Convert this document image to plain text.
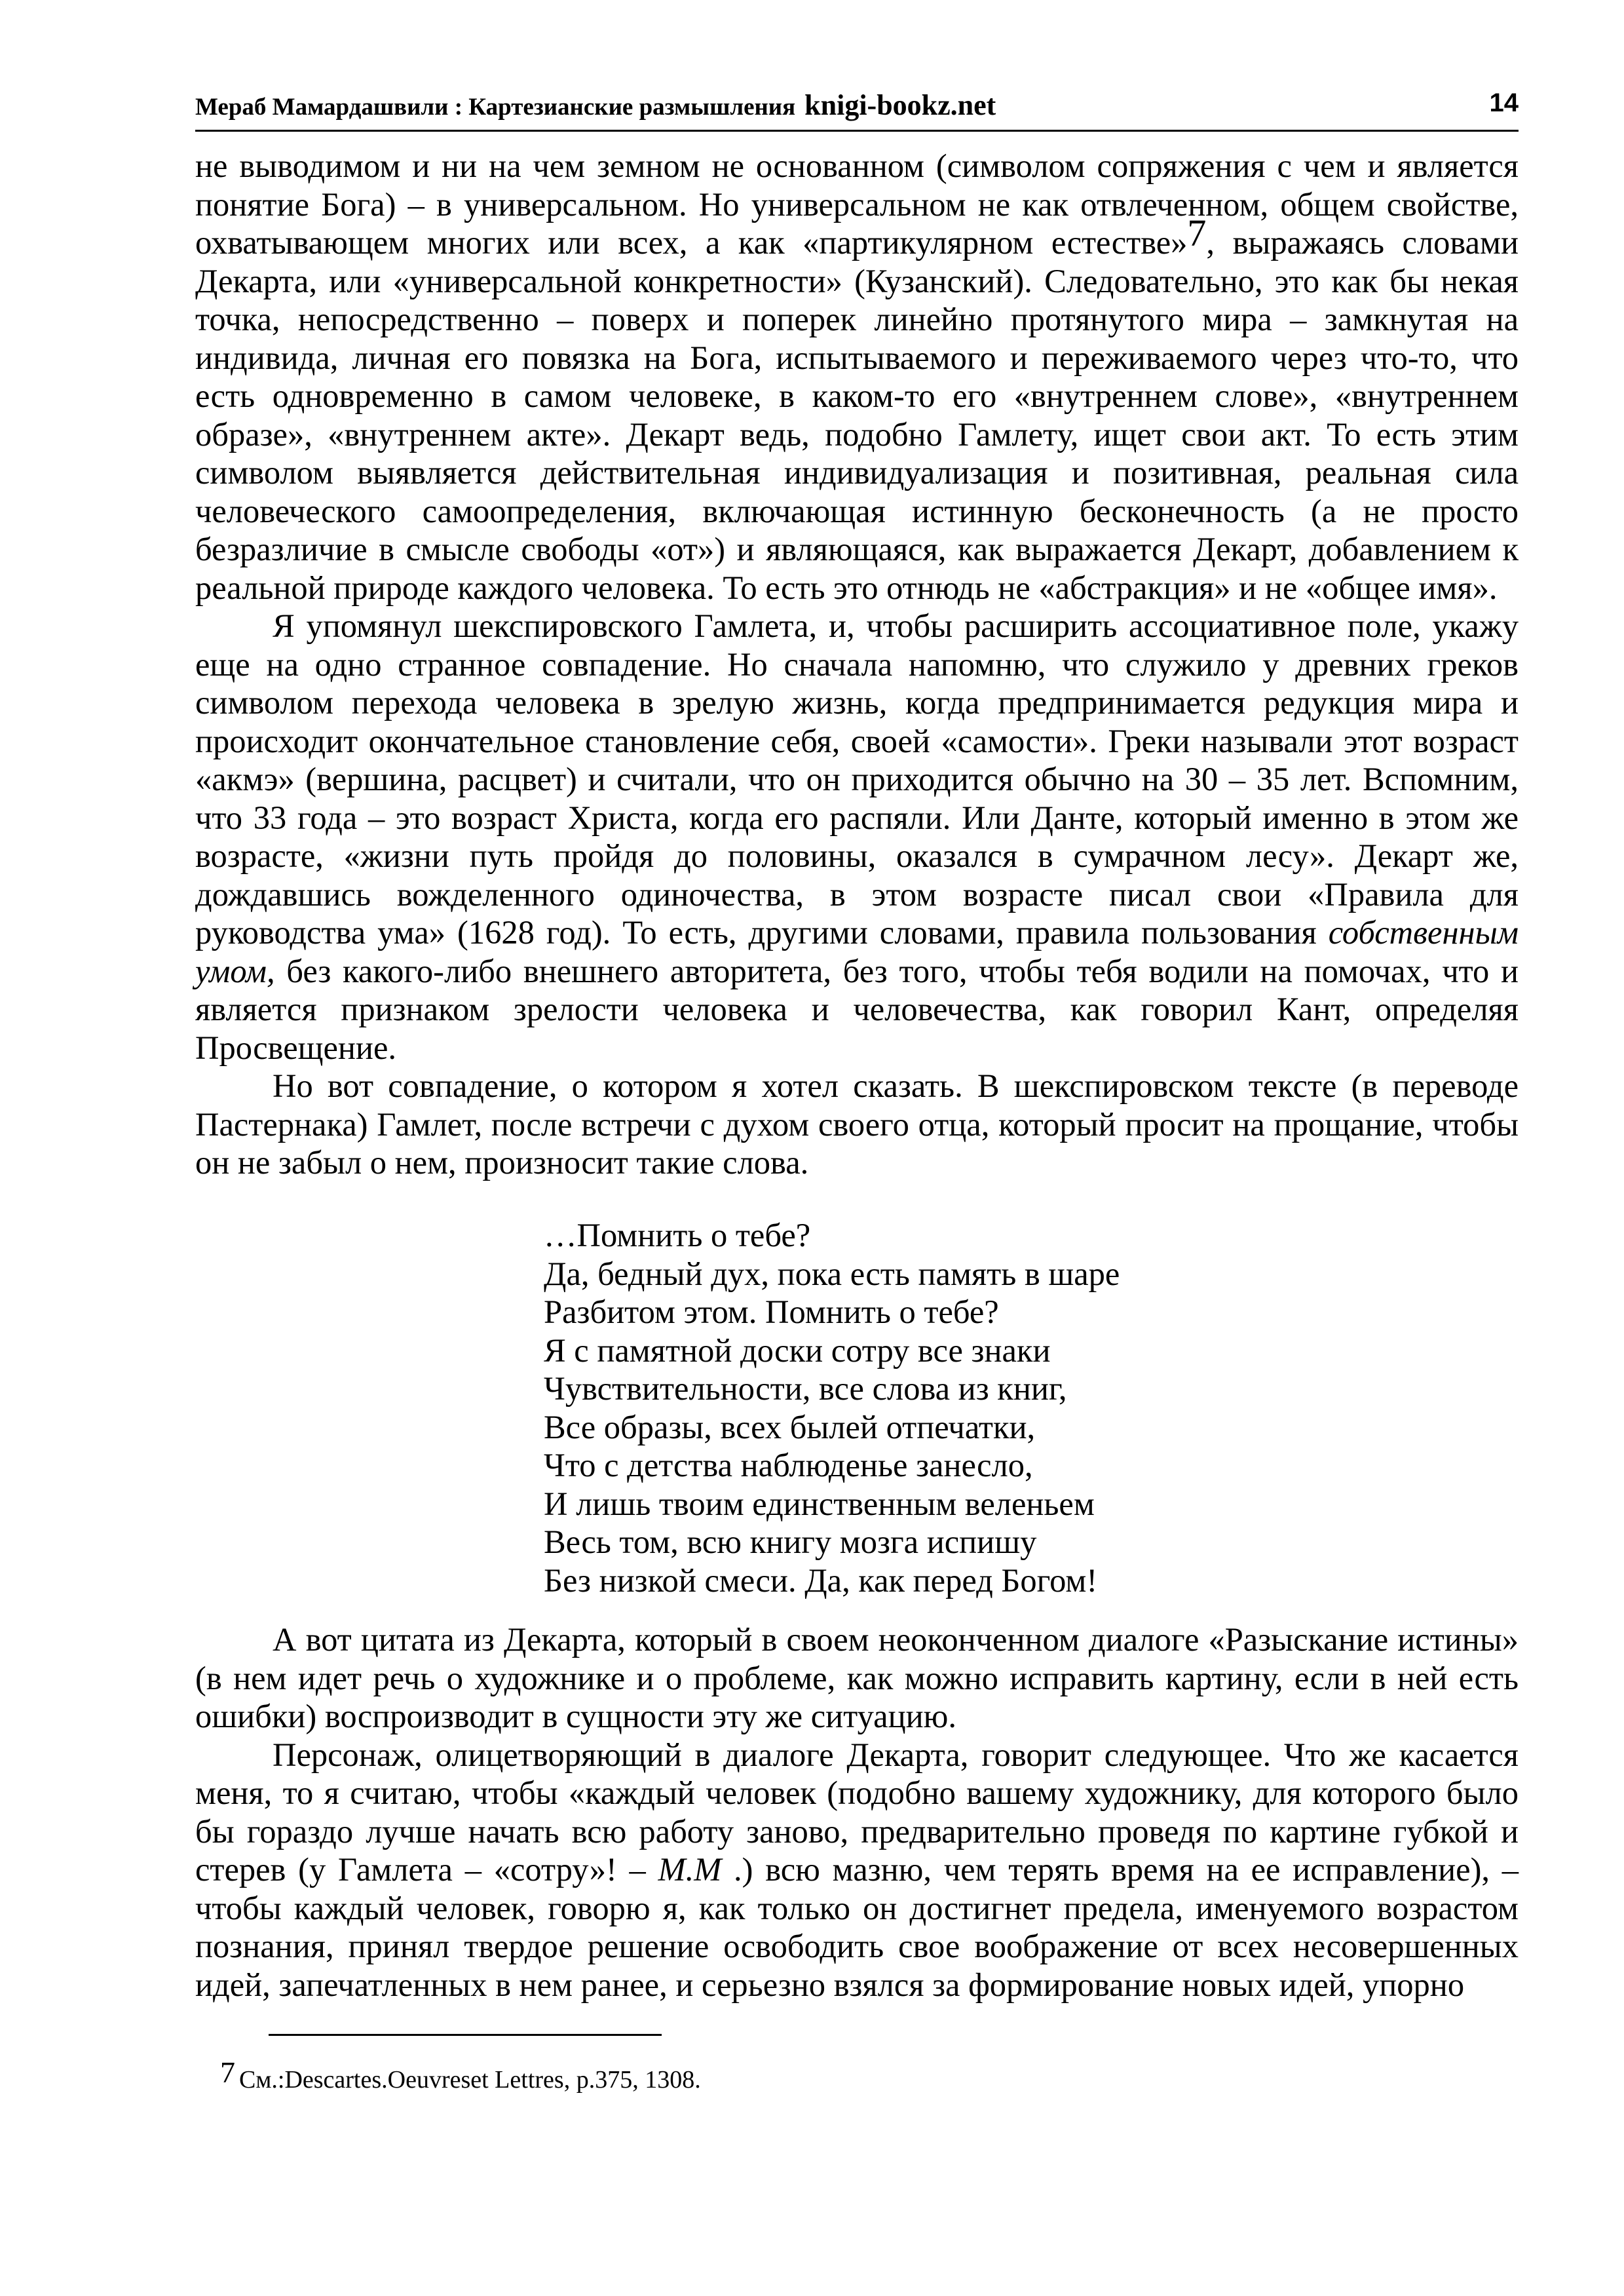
Мераб Мамардашвили : Картезианские размышления knigi-bookz.net	14

не выводимом и ни на чем земном не основанном (символом сопряжения с чем и является понятие Бога) – в универсальном. Но универсальном не как отвлеченном, общем свойстве, охватывающем многих или всех, а как «партикулярном естестве»7, выражаясь словами Декарта, или «универсальной конкретности» (Кузанский). Следовательно, это как бы некая точка, непосредственно – поверх и поперек линейно протянутого мира – замкнутая на индивида, личная его повязка на Бога, испытываемого и переживаемого через что-то, что есть одновременно в самом человеке, в каком-то его «внутреннем слове», «внутреннем образе», «внутреннем акте». Декарт ведь, подобно Гамлету, ищет свои акт. То есть этим символом выявляется действительная индивидуализация и позитивная, реальная сила человеческого самоопределения, включающая истинную бесконечность (а не просто безразличие в смысле свободы «от») и являющаяся, как выражается Декарт, добавлением к реальной природе каждого человека. То есть это отнюдь не «абстракция» и не «общее имя».

Я упомянул шекспировского Гамлета, и, чтобы расширить ассоциативное поле, укажу еще на одно странное совпадение. Но сначала напомню, что служило у древних греков символом перехода человека в зрелую жизнь, когда предпринимается редукция мира и происходит окончательное становление себя, своей «самости». Греки называли этот возраст «акмэ» (вершина, расцвет) и считали, что он приходится обычно на 30 – 35 лет. Вспомним, что 33 года – это возраст Христа, когда его распяли. Или Данте, который именно в этом же возрасте, «жизни путь пройдя до половины, оказался в сумрачном лесу». Декарт же, дождавшись вожделенного одиночества, в этом возрасте писал свои «Правила для руководства ума» (1628 год). То есть, другими словами, правила пользования собственным умом, без какого-либо внешнего авторитета, без того, чтобы тебя водили на помочах, что и является признаком зрелости человека и человечества, как говорил Кант, определяя Просвещение.

Но вот совпадение, о котором я хотел сказать. В шекспировском тексте (в переводе Пастернака) Гамлет, после встречи с духом своего отца, который просит на прощание, чтобы он не забыл о нем, произносит такие слова.

…Помнить о тебе?
Да, бедный дух, пока есть память в шаре
Разбитом этом. Помнить о тебе?
Я с памятной доски сотру все знаки
Чувствительности, все слова из книг,
Все образы, всех былей отпечатки,
Что с детства наблюденье занесло,
И лишь твоим единственным веленьем
Весь том, всю книгу мозга испишу
Без низкой смеси. Да, как перед Богом!

А вот цитата из Декарта, который в своем неоконченном диалоге «Разыскание истины» (в нем идет речь о художнике и о проблеме, как можно исправить картину, если в ней есть ошибки) воспроизводит в сущности эту же ситуацию.

Персонаж, олицетворяющий в диалоге Декарта, говорит следующее. Что же касается меня, то я считаю, чтобы «каждый человек (подобно вашему художнику, для которого было бы гораздо лучше начать всю работу заново, предварительно проведя по картине губкой и стерев (у Гамлета – «сотру»! – М.М .) всю мазню, чем терять время на ее исправление), – чтобы каждый человек, говорю я, как только он достигнет предела, именуемого возрастом познания, принял твердое решение освободить свое воображение от всех несовершенных идей, запечатленных в нем ранее, и серьезно взялся за формирование новых идей, упорно

7 См.:Descartes.Oeuvreset Lettres, p.375, 1308.
